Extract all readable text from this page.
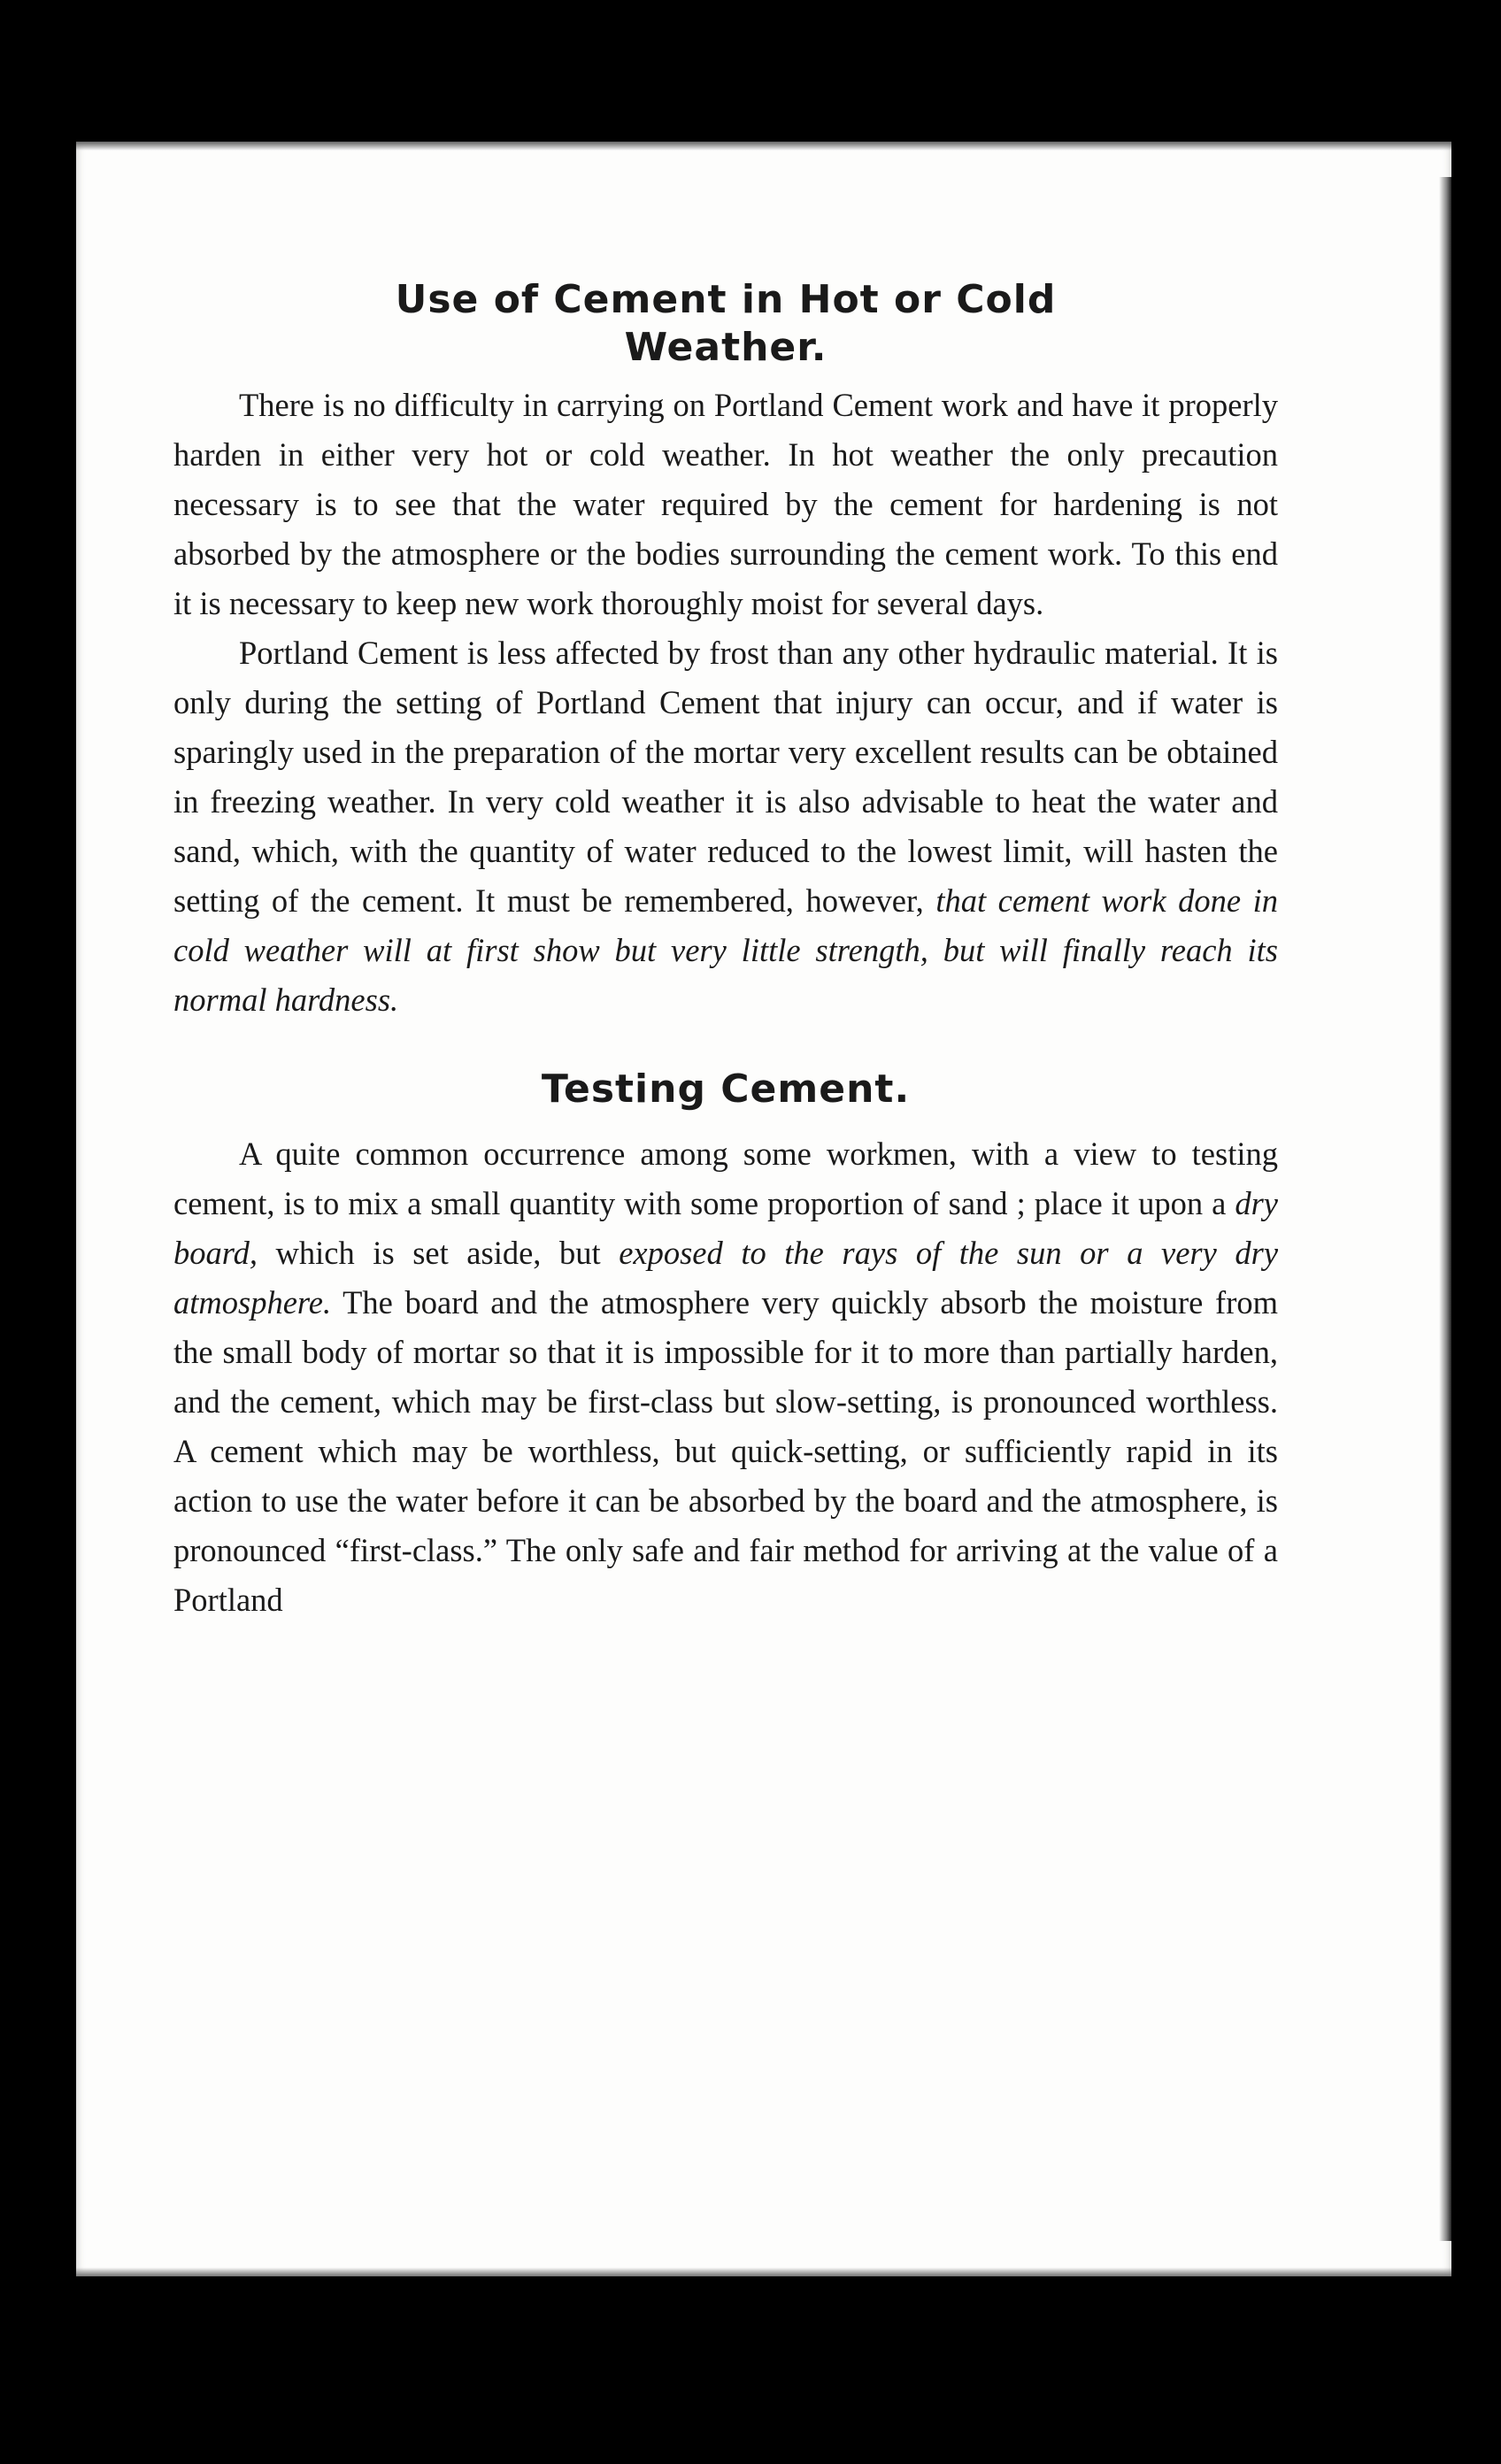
Use of Cement in Hot or Cold
Weather.

There is no difficulty in carrying on Portland Cement work and have it properly harden in either very hot or cold weather. In hot weather the only precaution necessary is to see that the water required by the cement for hardening is not absorbed by the atmosphere or the bodies surrounding the cement work. To this end it is necessary to keep new work thoroughly moist for several days.

Portland Cement is less affected by frost than any other hydraulic material. It is only during the setting of Portland Cement that injury can occur, and if water is sparingly used in the preparation of the mortar very excellent results can be obtained in freezing weather. In very cold weather it is also advisable to heat the water and sand, which, with the quantity of water reduced to the lowest limit, will hasten the setting of the cement. It must be remembered, however, that cement work done in cold weather will at first show but very little strength, but will finally reach its normal hardness.

Testing Cement.

A quite common occurrence among some workmen, with a view to testing cement, is to mix a small quantity with some proportion of sand ; place it upon a dry board, which is set aside, but exposed to the rays of the sun or a very dry atmosphere. The board and the atmosphere very quickly absorb the moisture from the small body of mortar so that it is impossible for it to more than partially harden, and the cement, which may be first-class but slow-setting, is pronounced worthless. A cement which may be worthless, but quick-setting, or sufficiently rapid in its action to use the water before it can be absorbed by the board and the atmosphere, is pronounced “first-class.” The only safe and fair method for arriving at the value of a Portland
